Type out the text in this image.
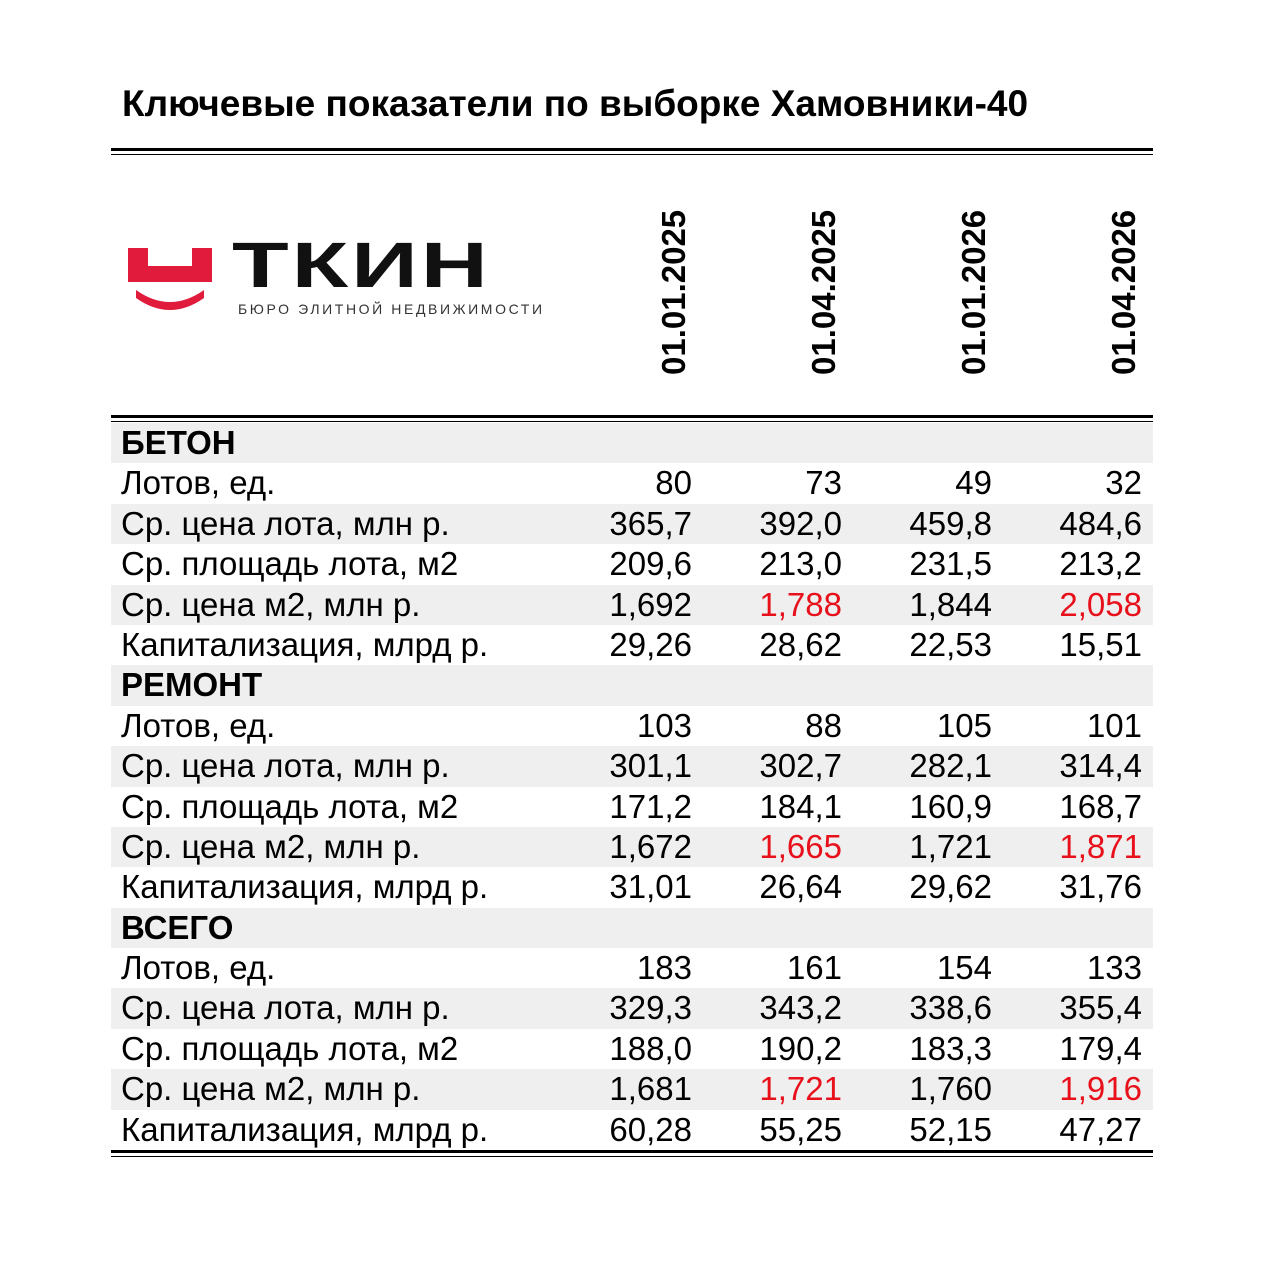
Ключевые показатели по выборке Хамовники-40
ТКИН
БЮРО ЭЛИТНОЙ НЕДВИЖИМОСТИ	01.01.2025	01.04.2025	01.01.2026	01.04.2026
БЕТОН
Лотов, ед.	80	73	49	32
Ср. цена лота, млн р.	365,7	392,0	459,8	484,6
Ср. площадь лота, м2	209,6	213,0	231,5	213,2
Ср. цена м2, млн р.	1,692	1,788	1,844	2,058
Капитализация, млрд р.	29,26	28,62	22,53	15,51
РЕМОНТ
Лотов, ед.	103	88	105	101
Ср. цена лота, млн р.	301,1	302,7	282,1	314,4
Ср. площадь лота, м2	171,2	184,1	160,9	168,7
Ср. цена м2, млн р.	1,672	1,665	1,721	1,871
Капитализация, млрд р.	31,01	26,64	29,62	31,76
ВСЕГО
Лотов, ед.	183	161	154	133
Ср. цена лота, млн р.	329,3	343,2	338,6	355,4
Ср. площадь лота, м2	188,0	190,2	183,3	179,4
Ср. цена м2, млн р.	1,681	1,721	1,760	1,916
Капитализация, млрд р.	60,28	55,25	52,15	47,27
